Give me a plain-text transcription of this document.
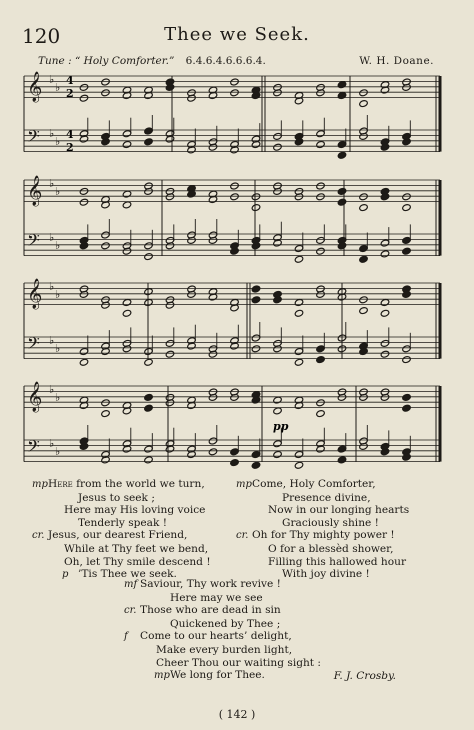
120	Thee we Seek.
Tune : “ Holy Comforter.” 6.4.6.4.6.6.6.4.	W. H. Doane.
4
2
4
2
pp
𝄞 ♭
♭
𝄢 ♭
♭
𝄞 ♭
♭
𝄢 ♭
♭
𝄞 ♭
♭
𝄢 ♭
♭
𝄞 ♭
♭
𝄢 ♭
♭
mpHere from the world we turn,
Jesus to seek ;
Here may His loving voice
Tenderly speak !
cr. Jesus, our dearest Friend,
While at Thy feet we bend,
Oh, let Thy smile descend !
p ’Tis Thee we seek.
mpCome, Holy Comforter,
Presence divine,
Now in our longing hearts
Graciously shine !
cr. Oh for Thy mighty power !
O for a blessèd shower,
Filling this hallowed hour
With joy divine !
mf Saviour, Thy work revive !
Here may we see
cr. Those who are dead in sin
Quickened by Thee ;
f Come to our hearts’ delight,
Make every burden light,
Cheer Thou our waiting sight :
mpWe long for Thee.	F. J. Crosby.
( 142 )
